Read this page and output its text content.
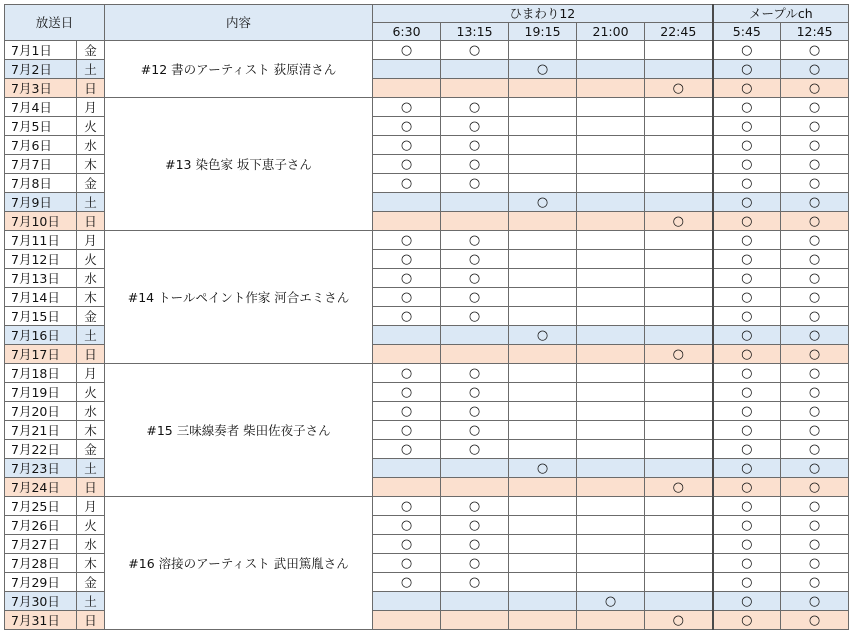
放送日		内容	ひまわり12					メープルch	
			6:30	13:15	19:15	21:00	22:45	5:45	12:45
7月1日	金	#12 書のアーティスト 荻原清さん	○	○				○	○
7月2日	土				○			○	○
7月3日	日						○	○	○
7月4日	月	#13 染色家 坂下恵子さん	○	○				○	○
7月5日	火		○	○				○	○
7月6日	水		○	○				○	○
7月7日	木		○	○				○	○
7月8日	金		○	○				○	○
7月9日	土				○			○	○
7月10日	日						○	○	○
7月11日	月	#14 トールペイント作家 河合エミさん	○	○				○	○
7月12日	火		○	○				○	○
7月13日	水		○	○				○	○
7月14日	木		○	○				○	○
7月15日	金		○	○				○	○
7月16日	土				○			○	○
7月17日	日						○	○	○
7月18日	月	#15 三味線奏者 柴田佐夜子さん	○	○				○	○
7月19日	火		○	○				○	○
7月20日	水		○	○				○	○
7月21日	木		○	○				○	○
7月22日	金		○	○				○	○
7月23日	土				○			○	○
7月24日	日						○	○	○
7月25日	月	#16 溶接のアーティスト 武田篤胤さん	○	○				○	○
7月26日	火		○	○				○	○
7月27日	水		○	○				○	○
7月28日	木		○	○				○	○
7月29日	金		○	○				○	○
7月30日	土					○		○	○
7月31日	日						○	○	○
